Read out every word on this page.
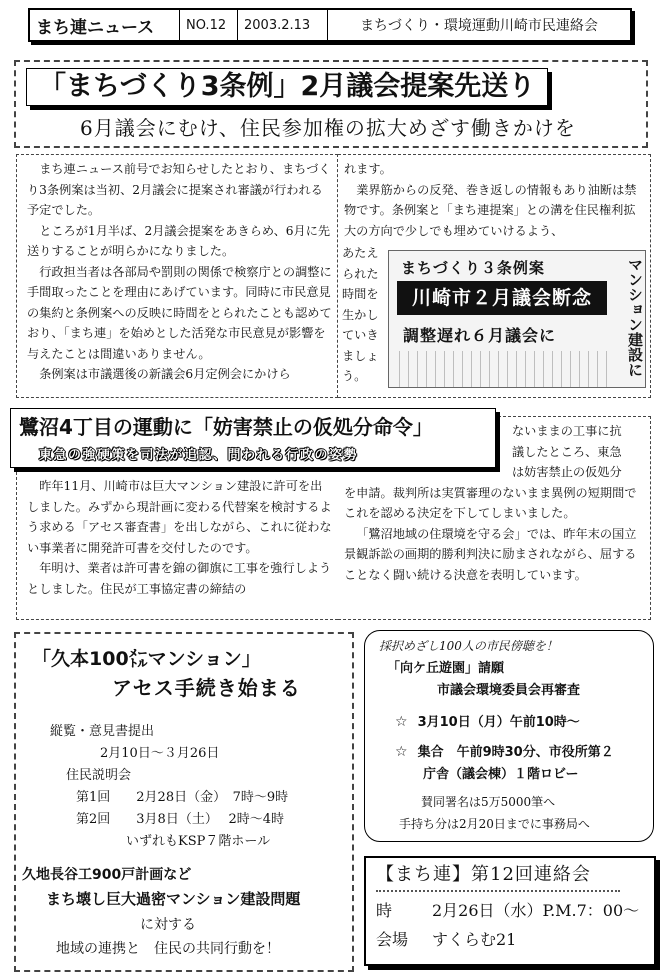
まち連ニュース	NO.12	2003.2.13	まちづくり・環境運動川崎市民連絡会
「まちづくり3条例」2月議会提案先送り
6月議会にむけ、住民参加権の拡大めざす働きかけを

まち連ニュース前号でお知らせしたとおり、まちづくり3条例案は当初、2月議会に提案され審議が行われる予定でした。

ところが1月半ば、2月議会提案をあきらめ、6月に先送りすることが明らかになりました。

行政担当者は各部局や罰則の関係で検察庁との調整に手間取ったことを理由にあげています。同時に市民意見の集約と条例案への反映に時間をとられたことも認めており、「まち連」を始めとした活発な市民意見が影響を与えたことは間違いありません。

条例案は市議選後の新議会6月定例会にかけら

れます。

業界筋からの反発、巻き返しの情報もあり油断は禁物です。条例案と「まち連提案」との溝を住民権利拡大の方向で少しでも埋めていけるよう、

あたえ
られた
時間を
生かし
ていき
ましょ
う。
まちづくり３条例案
川崎市２月議会断念
調整遅れ６月議会に	マンション建設に
ないままの工事に抗
議したところ、東急
は妨害禁止の仮処分

を申請。裁判所は実質審理のないまま異例の短期間でこれを認める決定を下してしまいました。

「鷺沼地域の住環境を守る会」では、昨年末の国立景観訴訟の画期的勝利判決に励まされながら、屈することなく闘い続ける決意を表明しています。

鷺沼4丁目の運動に「妨害禁止の仮処分命令」
東急の強硬策を司法が追認、問われる行政の姿勢

昨年11月、川崎市は巨大マンション建設に許可を出しました。みずから現計画に変わる代替案を検討するよう求める「アセス審査書」を出しながら、これに従わない事業者に開発許可書を交付したのです。

年明け、業者は許可書を錦の御旗に工事を強行しようとしました。住民が工事協定書の締結の

「久本100㍍マンション」
アセス手続き始まる
縦覧・意見書提出
2月10日～３月26日
住民説明会
第1回　　2月28日（金）　7時～9時
第2回　　3月8日（土）　 2時～4時
いずれもKSP７階ホール
久地長谷工900戸計画など
まち壊し巨大過密マンション建設問題
に対する
地域の連携と　住民の共同行動を！
採択めざし100人の市民傍聴を！
「向ケ丘遊園」請願
市議会環境委員会再審査
☆ 3月10日（月）午前10時～
☆ 集合　午前9時30分、市役所第２
庁舎（議会棟）１階ロビー
賛同署名は5万5000筆へ
手持ち分は2月20日までに事務局へ
【まち連】第12回連絡会
時 2月26日（水）P.M.7：00～
会場 すくらむ21
